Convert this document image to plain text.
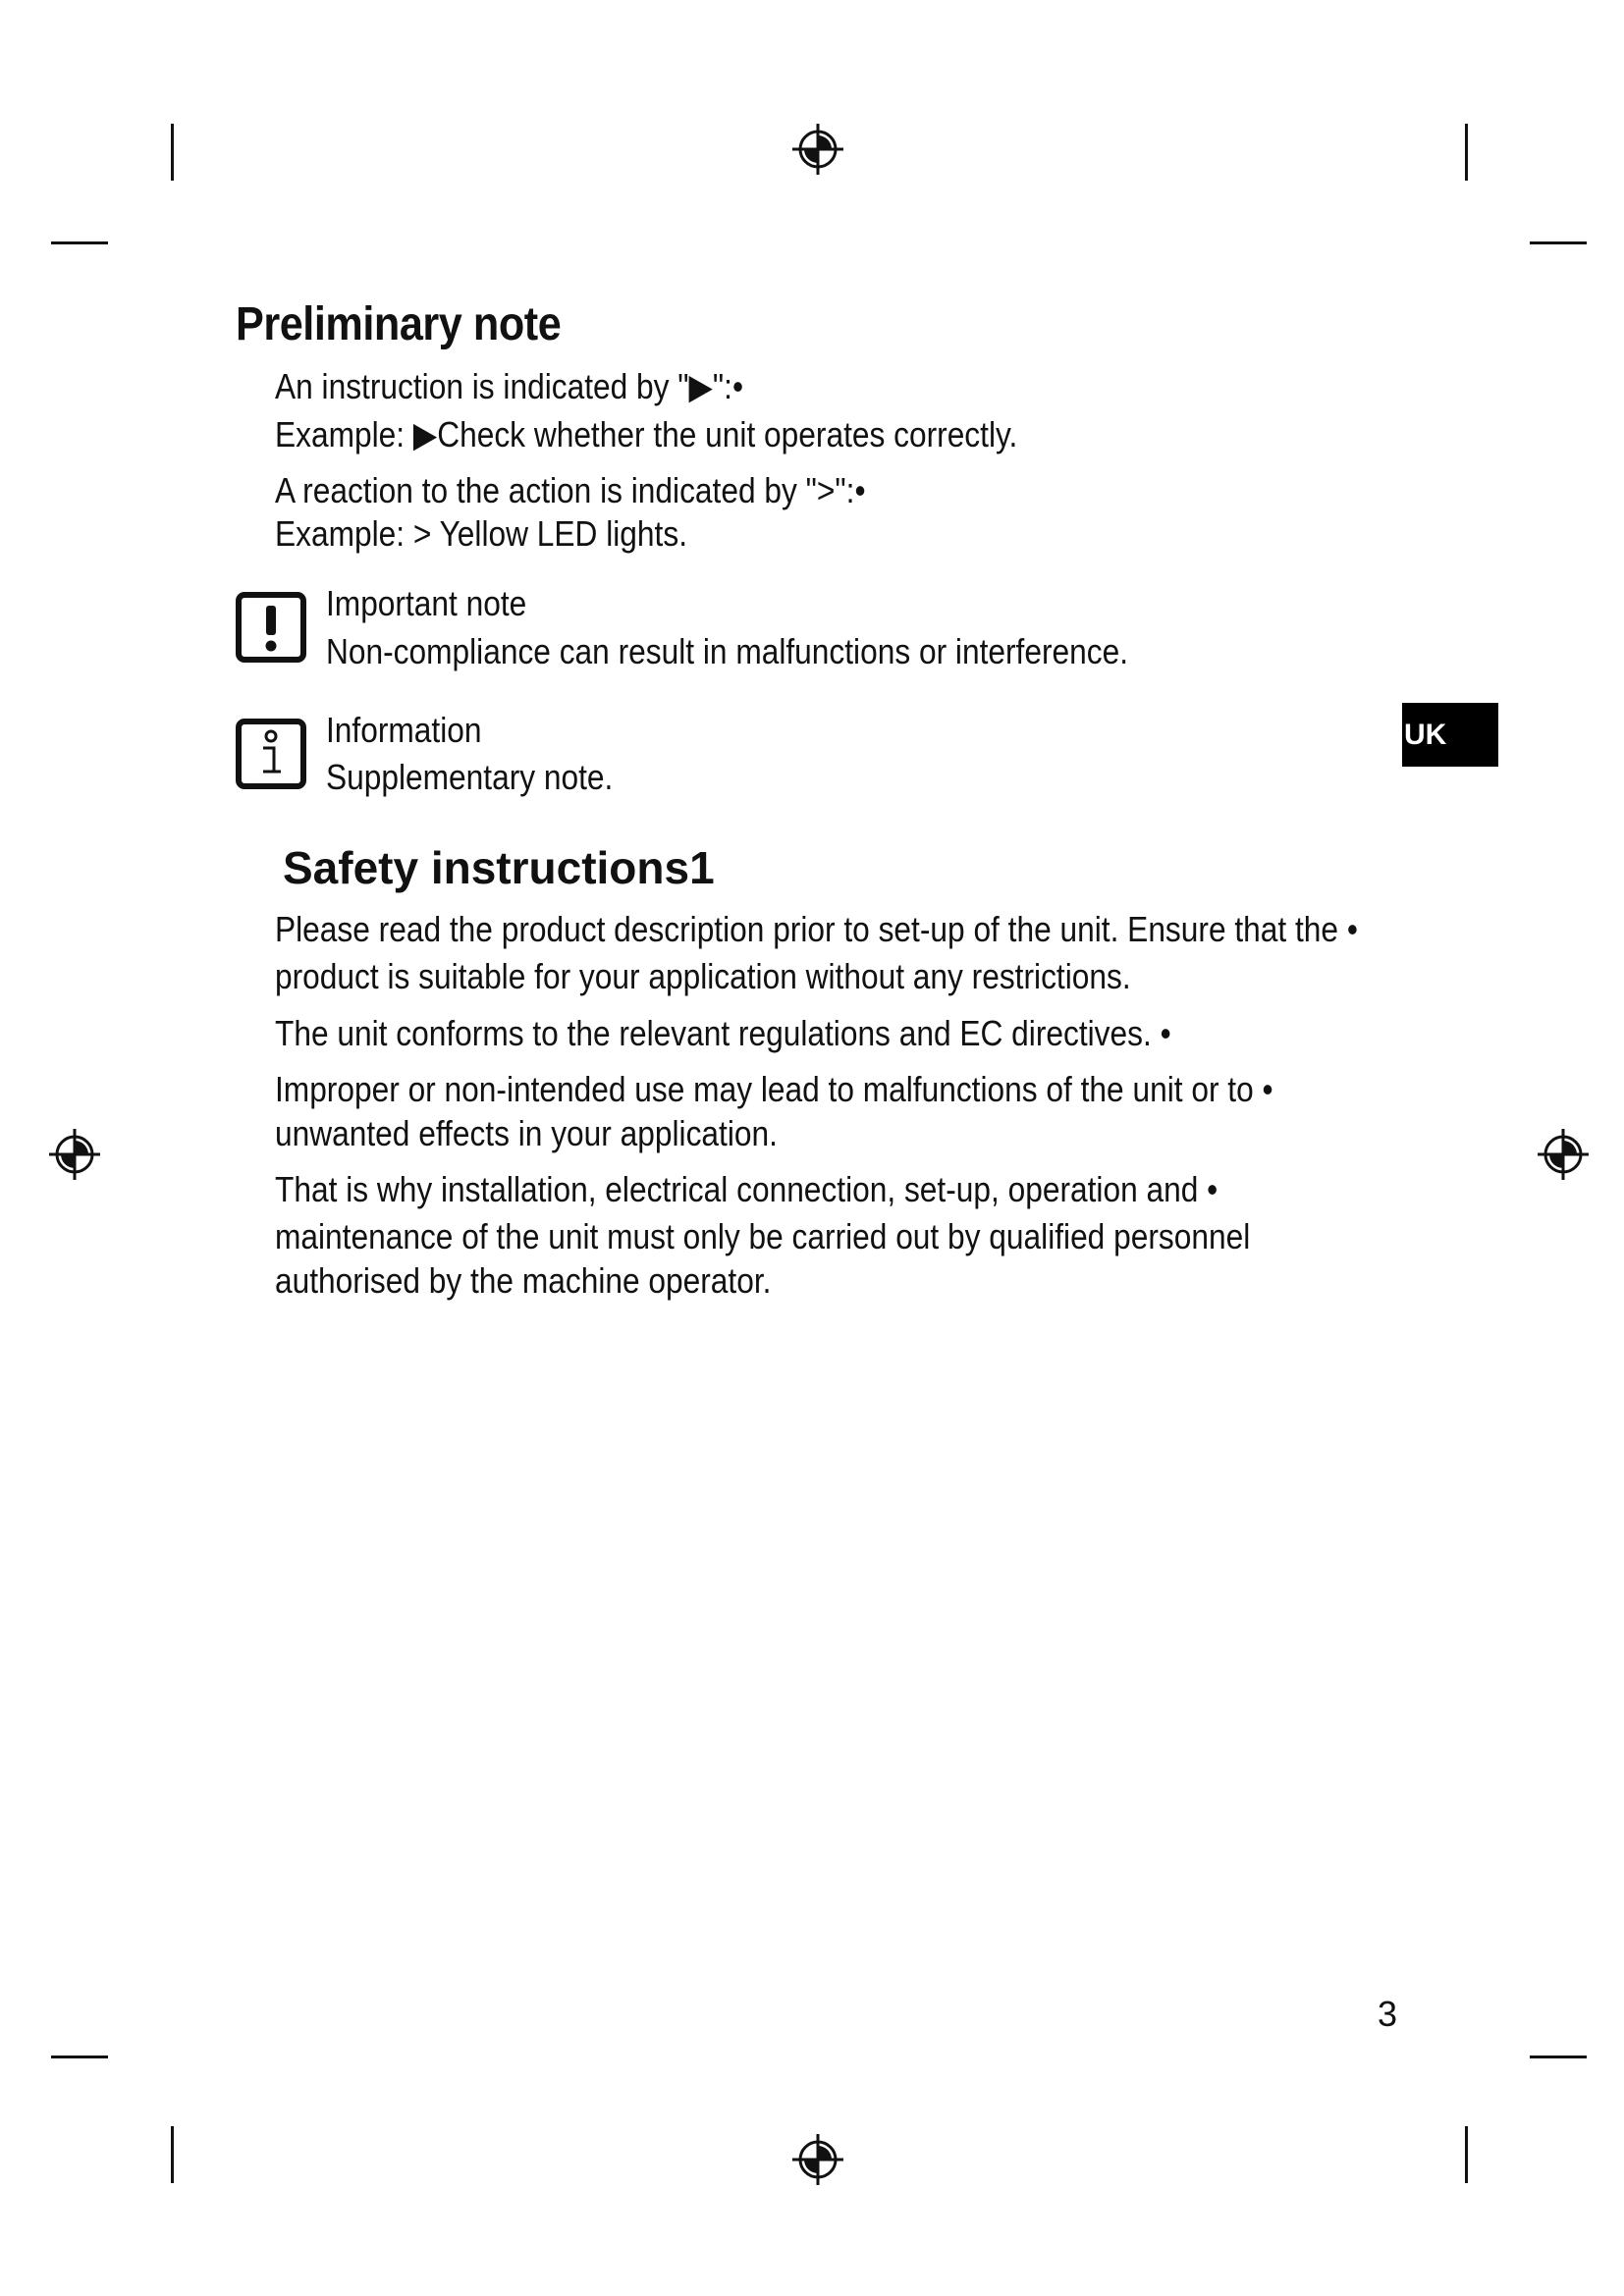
Preliminary note
An instruction is indicated by "▶":•
Example: ▶Check whether the unit operates correctly.
A reaction to the action is indicated by ">":•
Example: > Yellow LED lights.
Important note
Non-compliance can result in malfunctions or interference.
Information
Supplementary note.
UK
Safety instructions1
Please read the product description prior to set-up of the unit. Ensure that the •
product is suitable for your application without any restrictions.
The unit conforms to the relevant regulations and EC directives. •
Improper or non-intended use may lead to malfunctions of the unit or to •
unwanted effects in your application.
That is why installation, electrical connection, set-up, operation and •
maintenance of the unit must only be carried out by qualified personnel
authorised by the machine operator.
3
